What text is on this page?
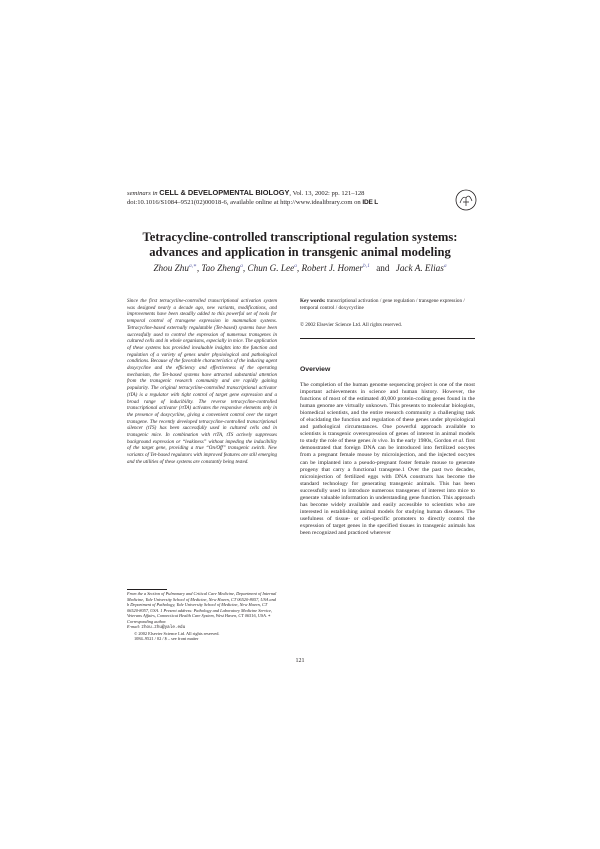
seminars in CELL & DEVELOPMENTAL BIOLOGY, Vol. 13, 2002: pp. 121–128
doi:10.1016/S1084–9521(02)00018-6, available online at http://www.idealibrary.com on IDE L
Tetracycline-controlled transcriptional regulation systems:
advances and application in transgenic animal modeling
Zhou Zhu$^{a,∗}$, Tao Zheng$^a$, Chun G. Lee$^a$, Robert J. Homer$^{b,1}$ and Jack A. Elias$^a$
Since the first tetracycline-controlled transcriptional activation system was designed nearly a decade ago, new variants, modifications, and improvements have been steadily added to this powerful set of tools for temporal control of transgene expression in mammalian systems. Tetracycline-based externally regulatable (Tet-based) systems have been successfully used to control the expression of numerous transgenes in cultured cells and in whole organisms, especially in mice. The application of these systems has provided invaluable insights into the function and regulation of a variety of genes under physiological and pathological conditions. Because of the favorable characteristics of the inducing agent doxycycline and the efficiency and effectiveness of the operating mechanism, the Tet-based systems have attracted substantial attention from the transgenic research community and are rapidly gaining popularity. The original tetracycline-controlled transcriptional activator (tTA) is a regulator with tight control of target gene expression and a broad range of inducibility. The reverse tetracycline-controlled transcriptional activator (rtTA) activates the responsive elements only in the presence of doxycycline, giving a convenient control over the target transgene. The recently developed tetracycline-controlled transcriptional silencer (tTS) has been successfully used in cultured cells and in transgenic mice. In combination with rtTA, tTS actively suppresses background expression or “leakiness” without impeding the inducibility of the target gene, providing a true “On/Off” transgenic switch. New variants of Tet-based regulators with improved features are still emerging and the utilities of these systems are constantly being tested.
From the a Section of Pulmonary and Critical Care Medicine, Department of Internal Medicine, Yale University School of Medicine, New Haven, CT 06520-8057, USA and b Department of Pathology, Yale University School of Medicine, New Haven, CT 06520-8057, USA. 1 Present address: Pathology and Laboratory Medicine Service, Veterans Affairs, Connecticut Health Care System, West Haven, CT 06516, USA. ∗ Corresponding author.
E-mail: zhou.zhu@yale.edu
© 2002 Elsevier Science Ltd. All rights reserved.
1084–9521 / 02 / $ – see front matter
Key words: transcriptional activation / gene regulation / transgene expression / temporal control / doxycycline
© 2002 Elsevier Science Ltd. All rights reserved.
Overview
The completion of the human genome sequencing project is one of the most important achievements in science and human history. However, the functions of most of the estimated 40,000 protein-coding genes found in the human genome are virtually unknown. This presents to molecular biologists, biomedical scientists, and the entire research community a challenging task of elucidating the function and regulation of these genes under physiological and pathological circumstances. One powerful approach available to scientists is transgenic overexpression of genes of interest in animal models to study the role of these genes in vivo. In the early 1980s, Gordon et al. first demonstrated that foreign DNA can be introduced into fertilized oocytes from a pregnant female mouse by microinjection, and the injected oocytes can be implanted into a pseudo-pregnant foster female mouse to generate progeny that carry a functional transgene.1 Over the past two decades, microinjection of fertilized eggs with DNA constructs has become the standard technology for generating transgenic animals. This has been successfully used to introduce numerous transgenes of interest into mice to generate valuable information in understanding gene function. This approach has become widely available and easily accessible to scientists who are interested in establishing animal models for studying human diseases. The usefulness of tissue- or cell-specific promoters to directly control the expression of target genes in the specified tissues in transgenic animals has been recognized and practiced wherever
121
